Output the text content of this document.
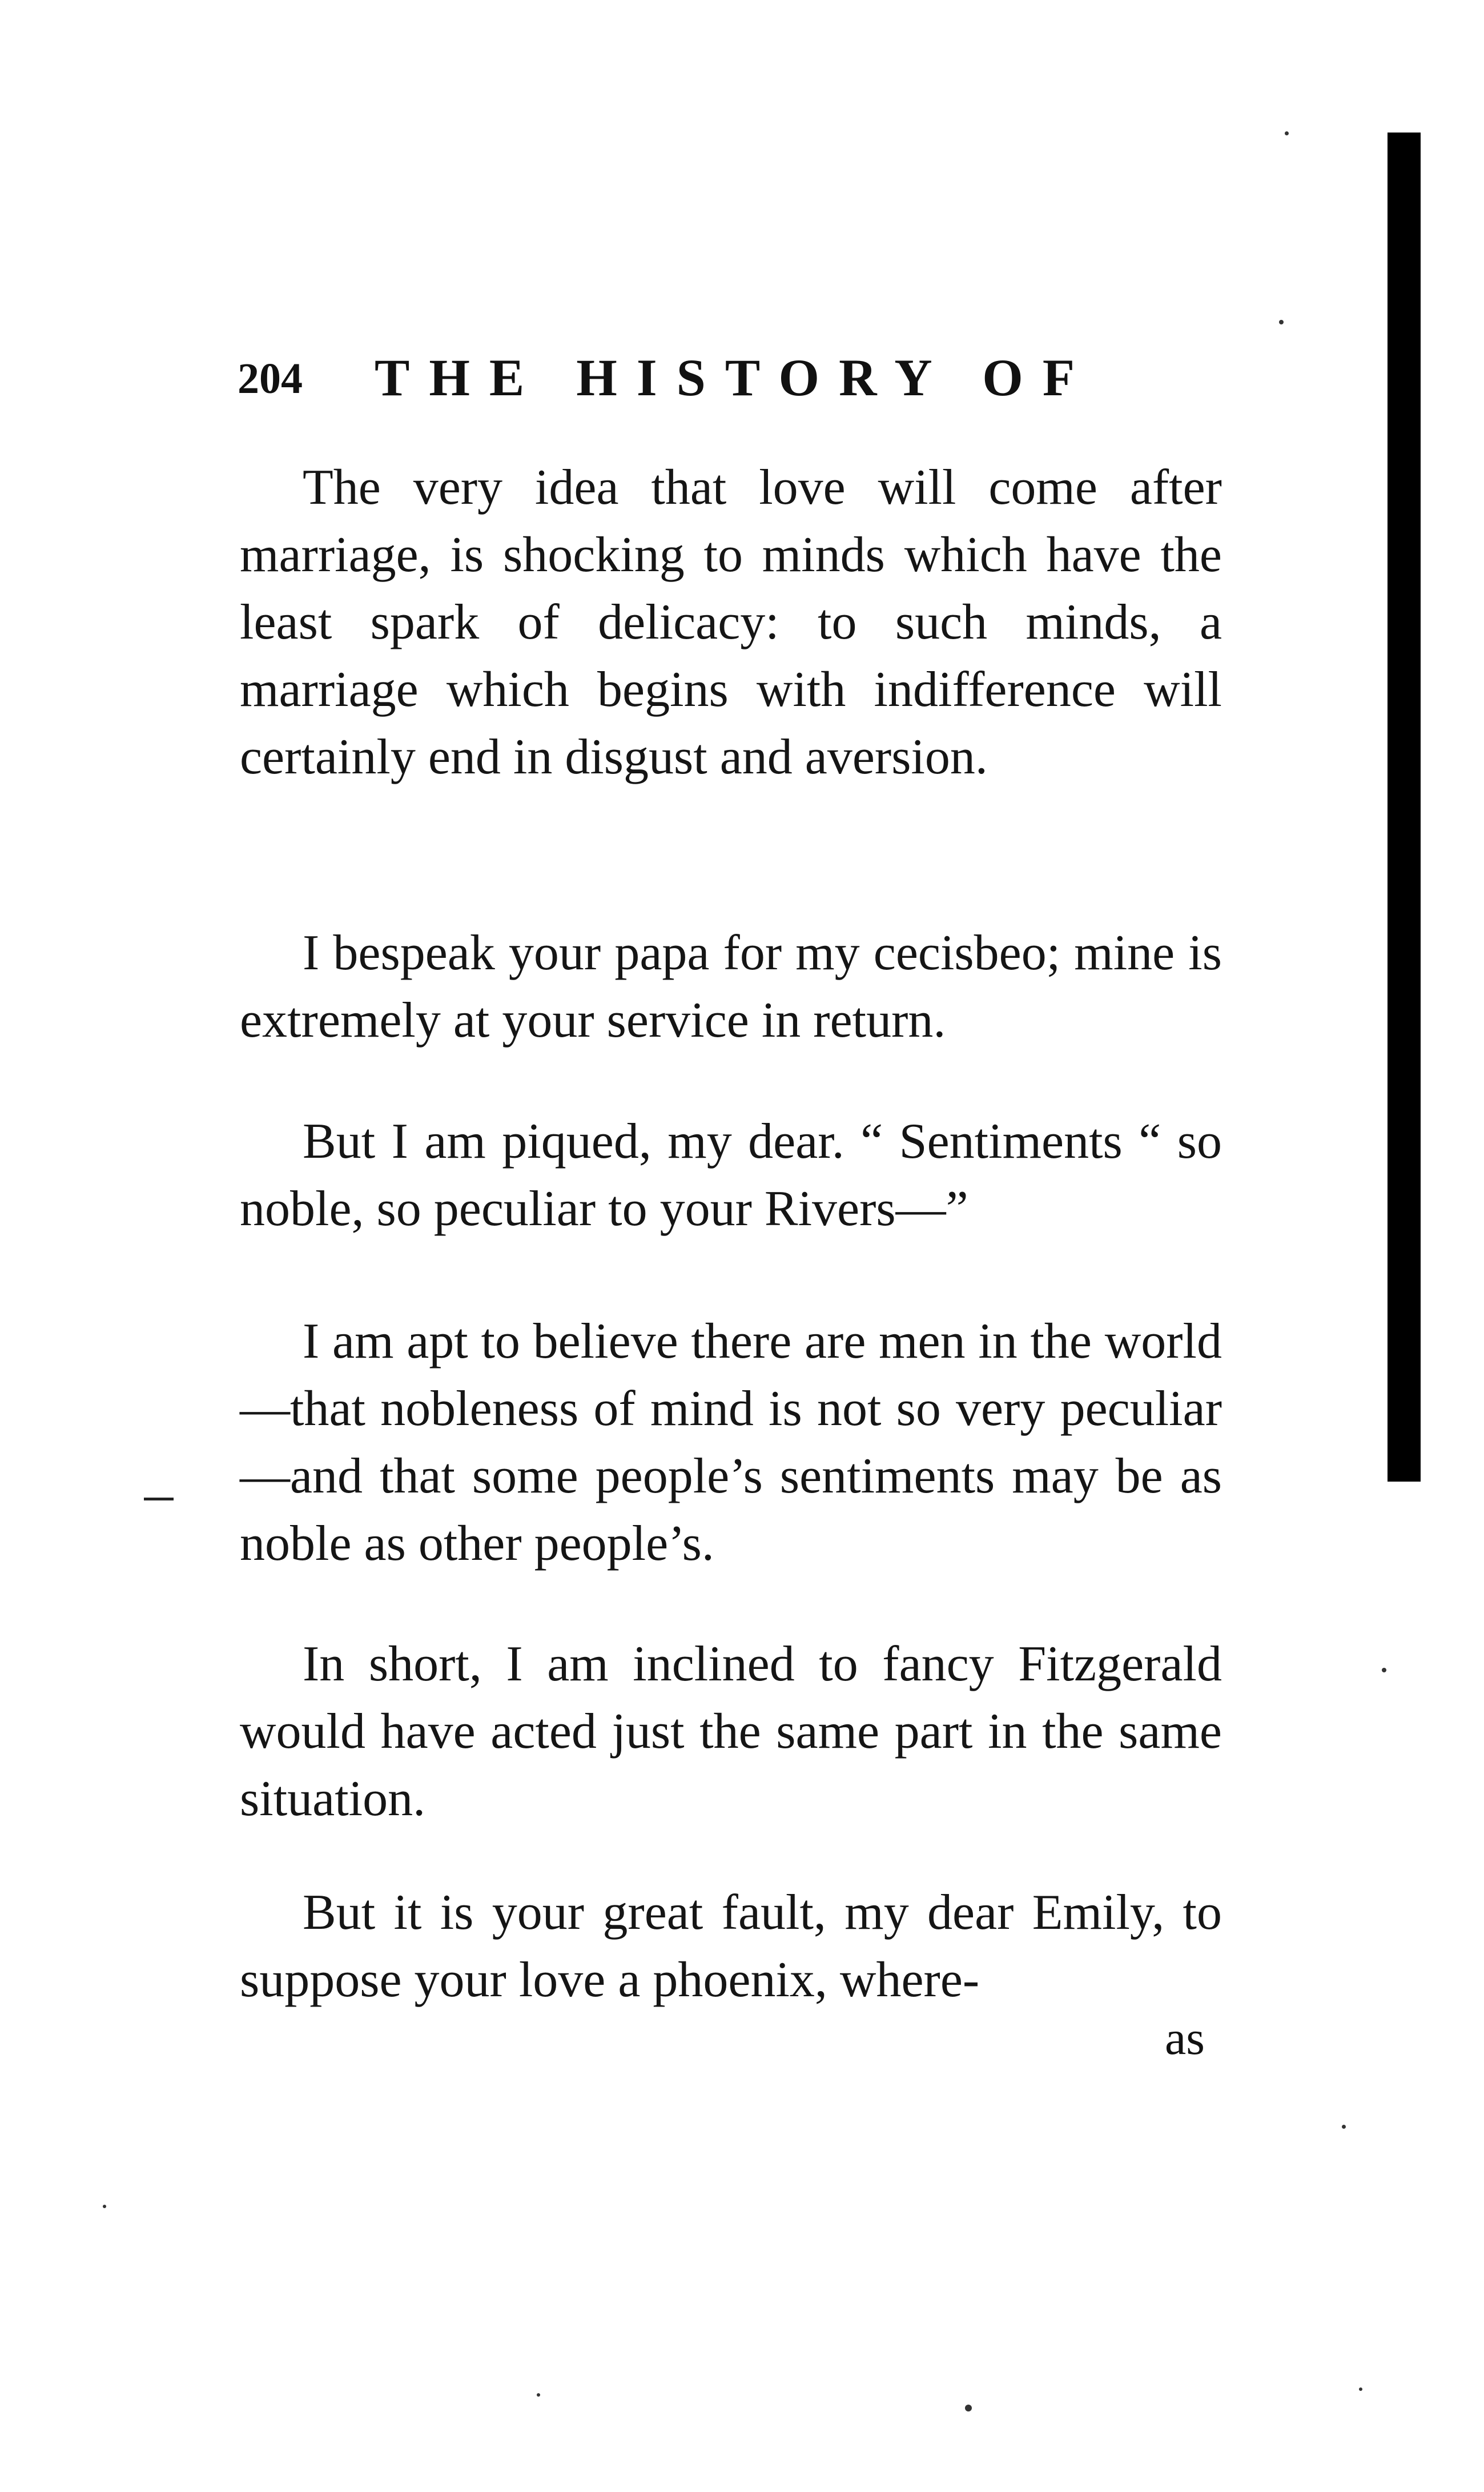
204 THE HISTORY OF

The very idea that love will come after marriage, is shocking to minds which have the least spark of delicacy: to such minds, a marriage which begins with indifference will certainly end in disgust and aversion.

I bespeak your papa for my cecisbeo; mine is extremely at your service in return.

But I am piqued, my dear. “ Sentiments “ so noble, so peculiar to your Rivers—”

I am apt to believe there are men in the world—that nobleness of mind is not so very peculiar—and that some people’s sentiments may be as noble as other people’s.

In short, I am inclined to fancy Fitzgerald would have acted just the same part in the same situation.

But it is your great fault, my dear Emily, to suppose your love a phoenix, where-

as
